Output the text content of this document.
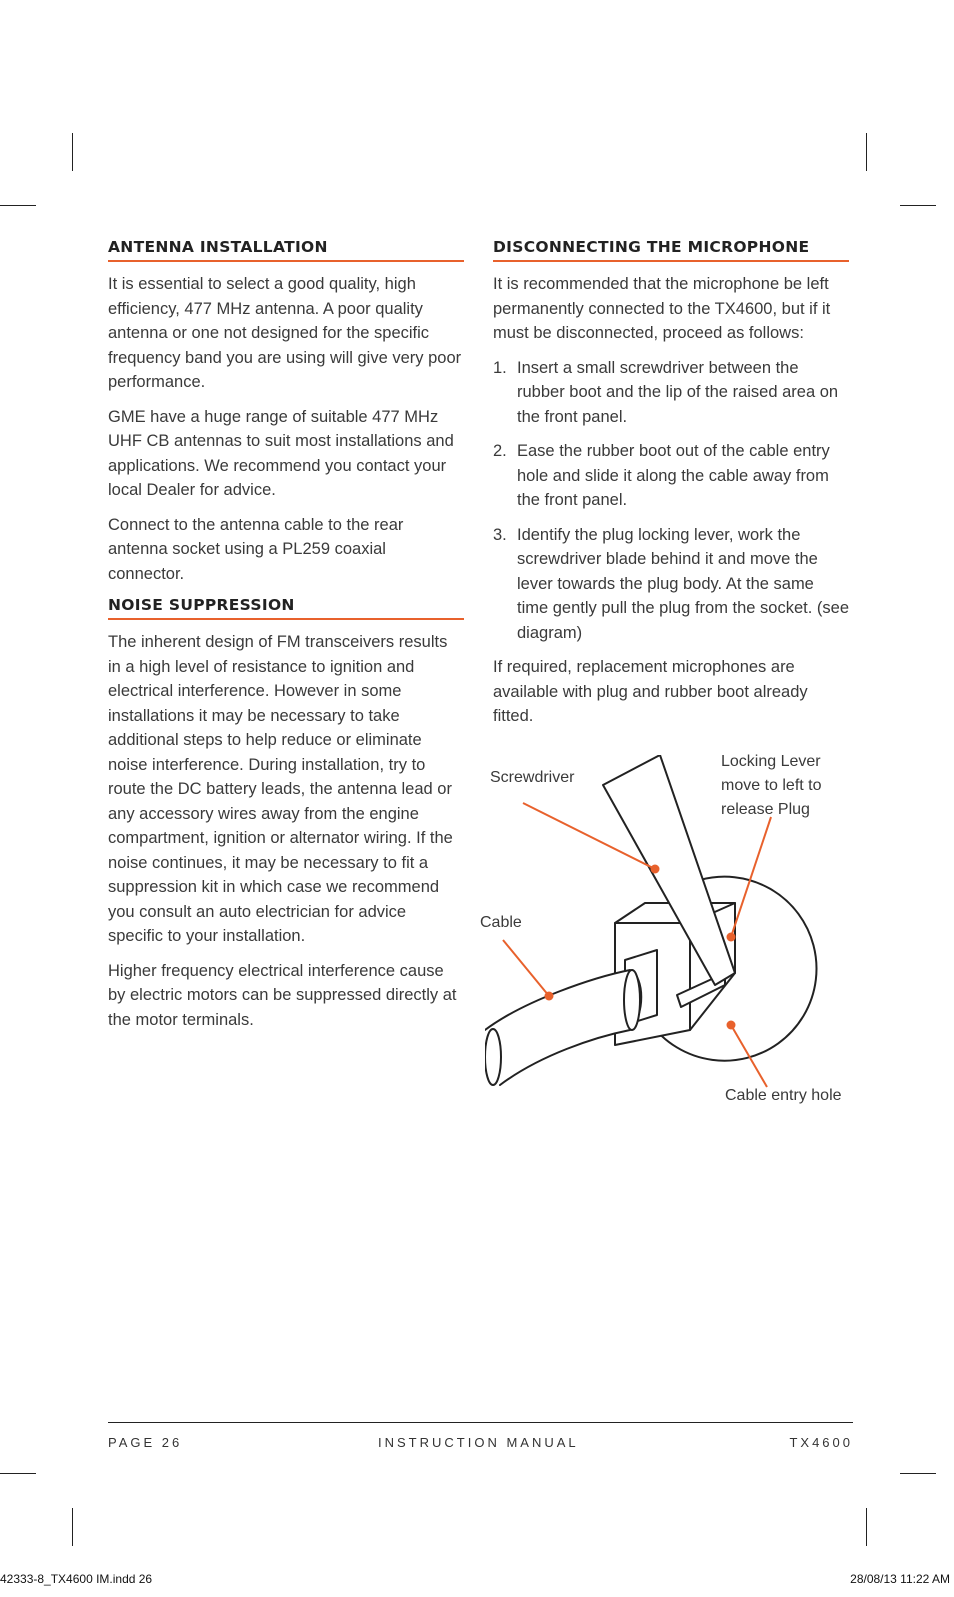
ANTENNA INSTALLATION

It is essential to select a good quality, high efficiency, 477 MHz antenna. A poor quality antenna or one not designed for the specific frequency band you are using will give very poor performance.

GME have a huge range of suitable 477 MHz UHF CB antennas to suit most installations and applications. We recommend you contact your local Dealer for advice.

Connect to the antenna cable to the rear antenna socket using a PL259 coaxial connector.

NOISE SUPPRESSION

The inherent design of FM transceivers results in a high level of resistance to ignition and electrical interference. However in some installations it may be necessary to take additional steps to help reduce or eliminate noise interference. During installation, try to route the DC battery leads, the antenna lead or any accessory wires away from the engine compartment, ignition or alternator wiring. If the noise continues, it may be necessary to fit a suppression kit in which case we recommend you consult an auto electrician for advice specific to your installation.

Higher frequency electrical interference cause by electric motors can be suppressed directly at the motor terminals.

DISCONNECTING THE MICROPHONE

It is recommended that the microphone be left permanently connected to the TX4600, but if it must be disconnected, proceed as follows:

1. Insert a small screwdriver between the rubber boot and the lip of the raised area on the front panel.
2. Ease the rubber boot out of the cable entry hole and slide it along the cable away from the front panel.
3. Identify the plug locking lever, work the screwdriver blade behind it and move the lever towards the plug body. At the same time gently pull the plug from the socket. (see diagram)

If required, replacement microphones are available with plug and rubber boot already fitted.

Screwdriver
Locking Lever
move to left to
release Plug
Cable
Cable entry hole
PAGE 26	INSTRUCTION MANUAL	TX4600
42333-8_TX4600 IM.indd 26	28/08/13 11:22 AM
